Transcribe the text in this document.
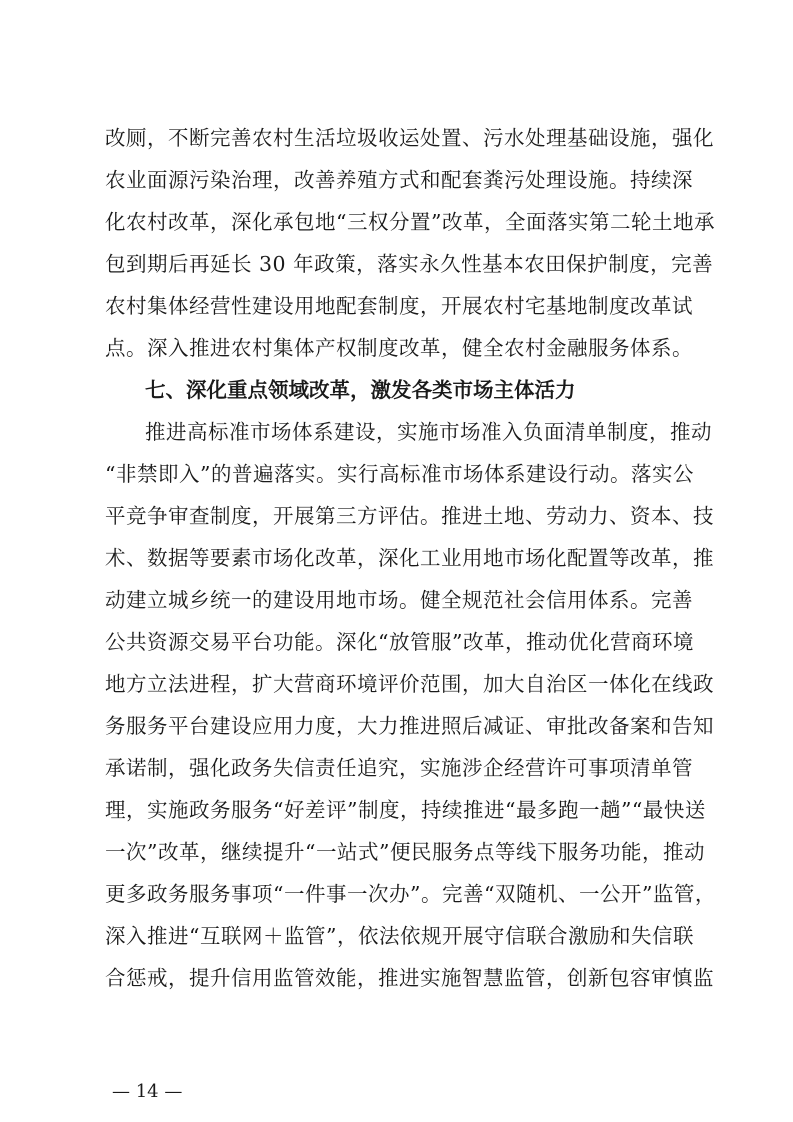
改厕，不断完善农村生活垃圾收运处置、污水处理基础设施，强化
农业面源污染治理，改善养殖方式和配套粪污处理设施。持续深
化农村改革，深化承包地“三权分置”改革，全面落实第二轮土地承
包到期后再延长 30 年政策，落实永久性基本农田保护制度，完善
农村集体经营性建设用地配套制度，开展农村宅基地制度改革试
点。深入推进农村集体产权制度改革，健全农村金融服务体系。
七、深化重点领域改革，激发各类市场主体活力
推进高标准市场体系建设，实施市场准入负面清单制度，推动
“非禁即入”的普遍落实。实行高标准市场体系建设行动。落实公
平竞争审查制度，开展第三方评估。推进土地、劳动力、资本、技
术、数据等要素市场化改革，深化工业用地市场化配置等改革，推
动建立城乡统一的建设用地市场。健全规范社会信用体系。完善
公共资源交易平台功能。深化“放管服”改革，推动优化营商环境
地方立法进程，扩大营商环境评价范围，加大自治区一体化在线政
务服务平台建设应用力度，大力推进照后减证、审批改备案和告知
承诺制，强化政务失信责任追究，实施涉企经营许可事项清单管
理，实施政务服务“好差评”制度，持续推进“最多跑一趟”“最快送
一次”改革，继续提升“一站式”便民服务点等线下服务功能，推动
更多政务服务事项“一件事一次办”。完善“双随机、一公开”监管，
深入推进“互联网＋监管”，依法依规开展守信联合激励和失信联
合惩戒，提升信用监管效能，推进实施智慧监管，创新包容审慎监
— 14 —
